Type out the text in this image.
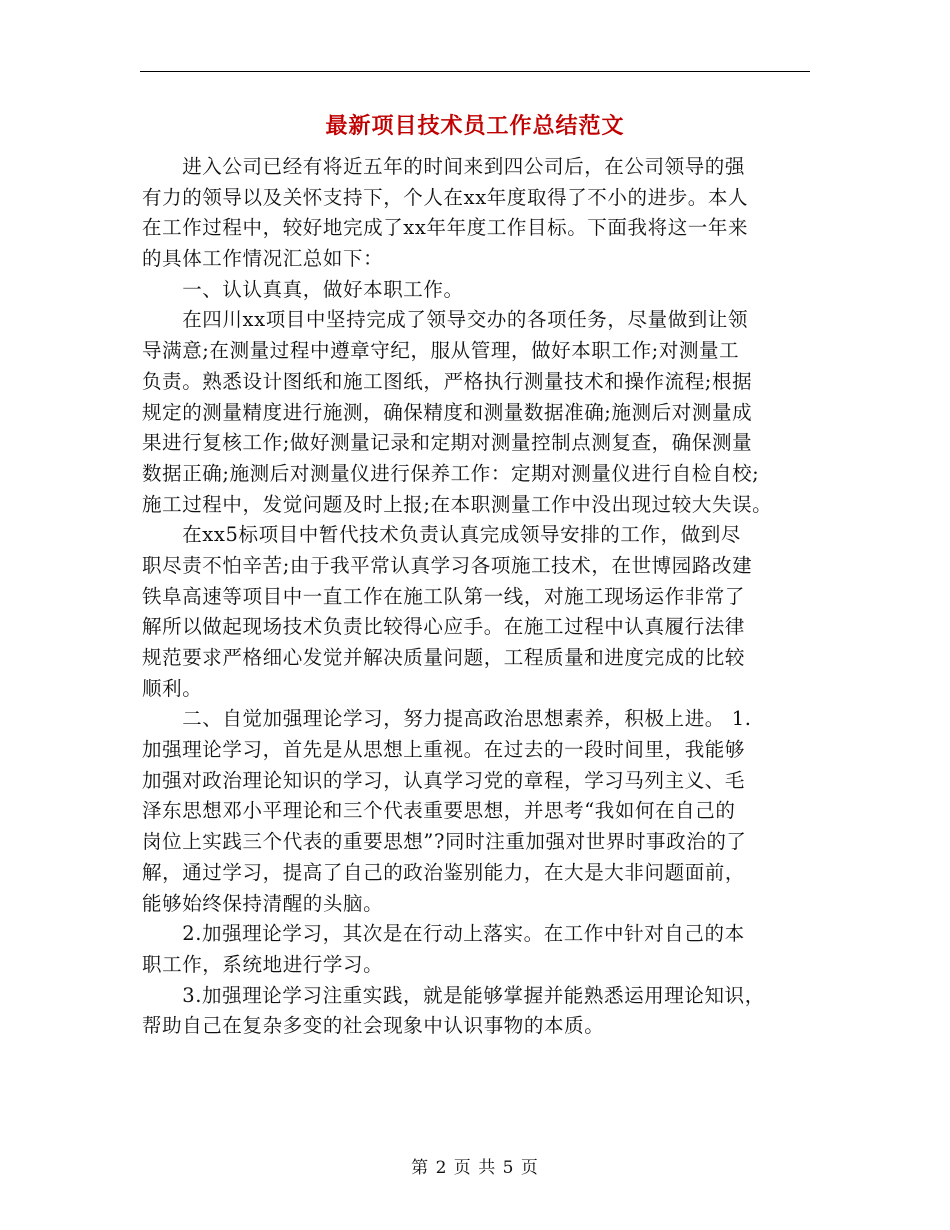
最新项目技术员工作总结范文
　　进入公司已经有将近五年的时间来到四公司后，在公司领导的强
有力的领导以及关怀支持下，个人在xx年度取得了不小的进步。本人
在工作过程中，较好地完成了xx年年度工作目标。下面我将这一年来
的具体工作情况汇总如下：
　　一、认认真真，做好本职工作。
　　在四川xx项目中坚持完成了领导交办的各项任务，尽量做到让领
导满意;在测量过程中遵章守纪，服从管理，做好本职工作;对测量工
负责。熟悉设计图纸和施工图纸，严格执行测量技术和操作流程;根据
规定的测量精度进行施测，确保精度和测量数据准确;施测后对测量成
果进行复核工作;做好测量记录和定期对测量控制点测复查，确保测量
数据正确;施测后对测量仪进行保养工作：定期对测量仪进行自检自校;
施工过程中，发觉问题及时上报;在本职测量工作中没出现过较大失误。
　　在xx5标项目中暂代技术负责认真完成领导安排的工作，做到尽
职尽责不怕辛苦;由于我平常认真学习各项施工技术，在世博园路改建
铁阜高速等项目中一直工作在施工队第一线，对施工现场运作非常了
解所以做起现场技术负责比较得心应手。在施工过程中认真履行法律
规范要求严格细心发觉并解决质量问题，工程质量和进度完成的比较
顺利。
　　二、自觉加强理论学习，努力提高政治思想素养，积极上进。 1.
加强理论学习，首先是从思想上重视。在过去的一段时间里，我能够
加强对政治理论知识的学习，认真学习党的章程，学习马列主义、毛
泽东思想邓小平理论和三个代表重要思想，并思考“我如何在自己的
岗位上实践三个代表的重要思想”?同时注重加强对世界时事政治的了
解，通过学习，提高了自己的政治鉴别能力，在大是大非问题面前，
能够始终保持清醒的头脑。
　　2.加强理论学习，其次是在行动上落实。在工作中针对自己的本
职工作，系统地进行学习。
　　3.加强理论学习注重实践，就是能够掌握并能熟悉运用理论知识，
帮助自己在复杂多变的社会现象中认识事物的本质。
第 2 页 共 5 页
